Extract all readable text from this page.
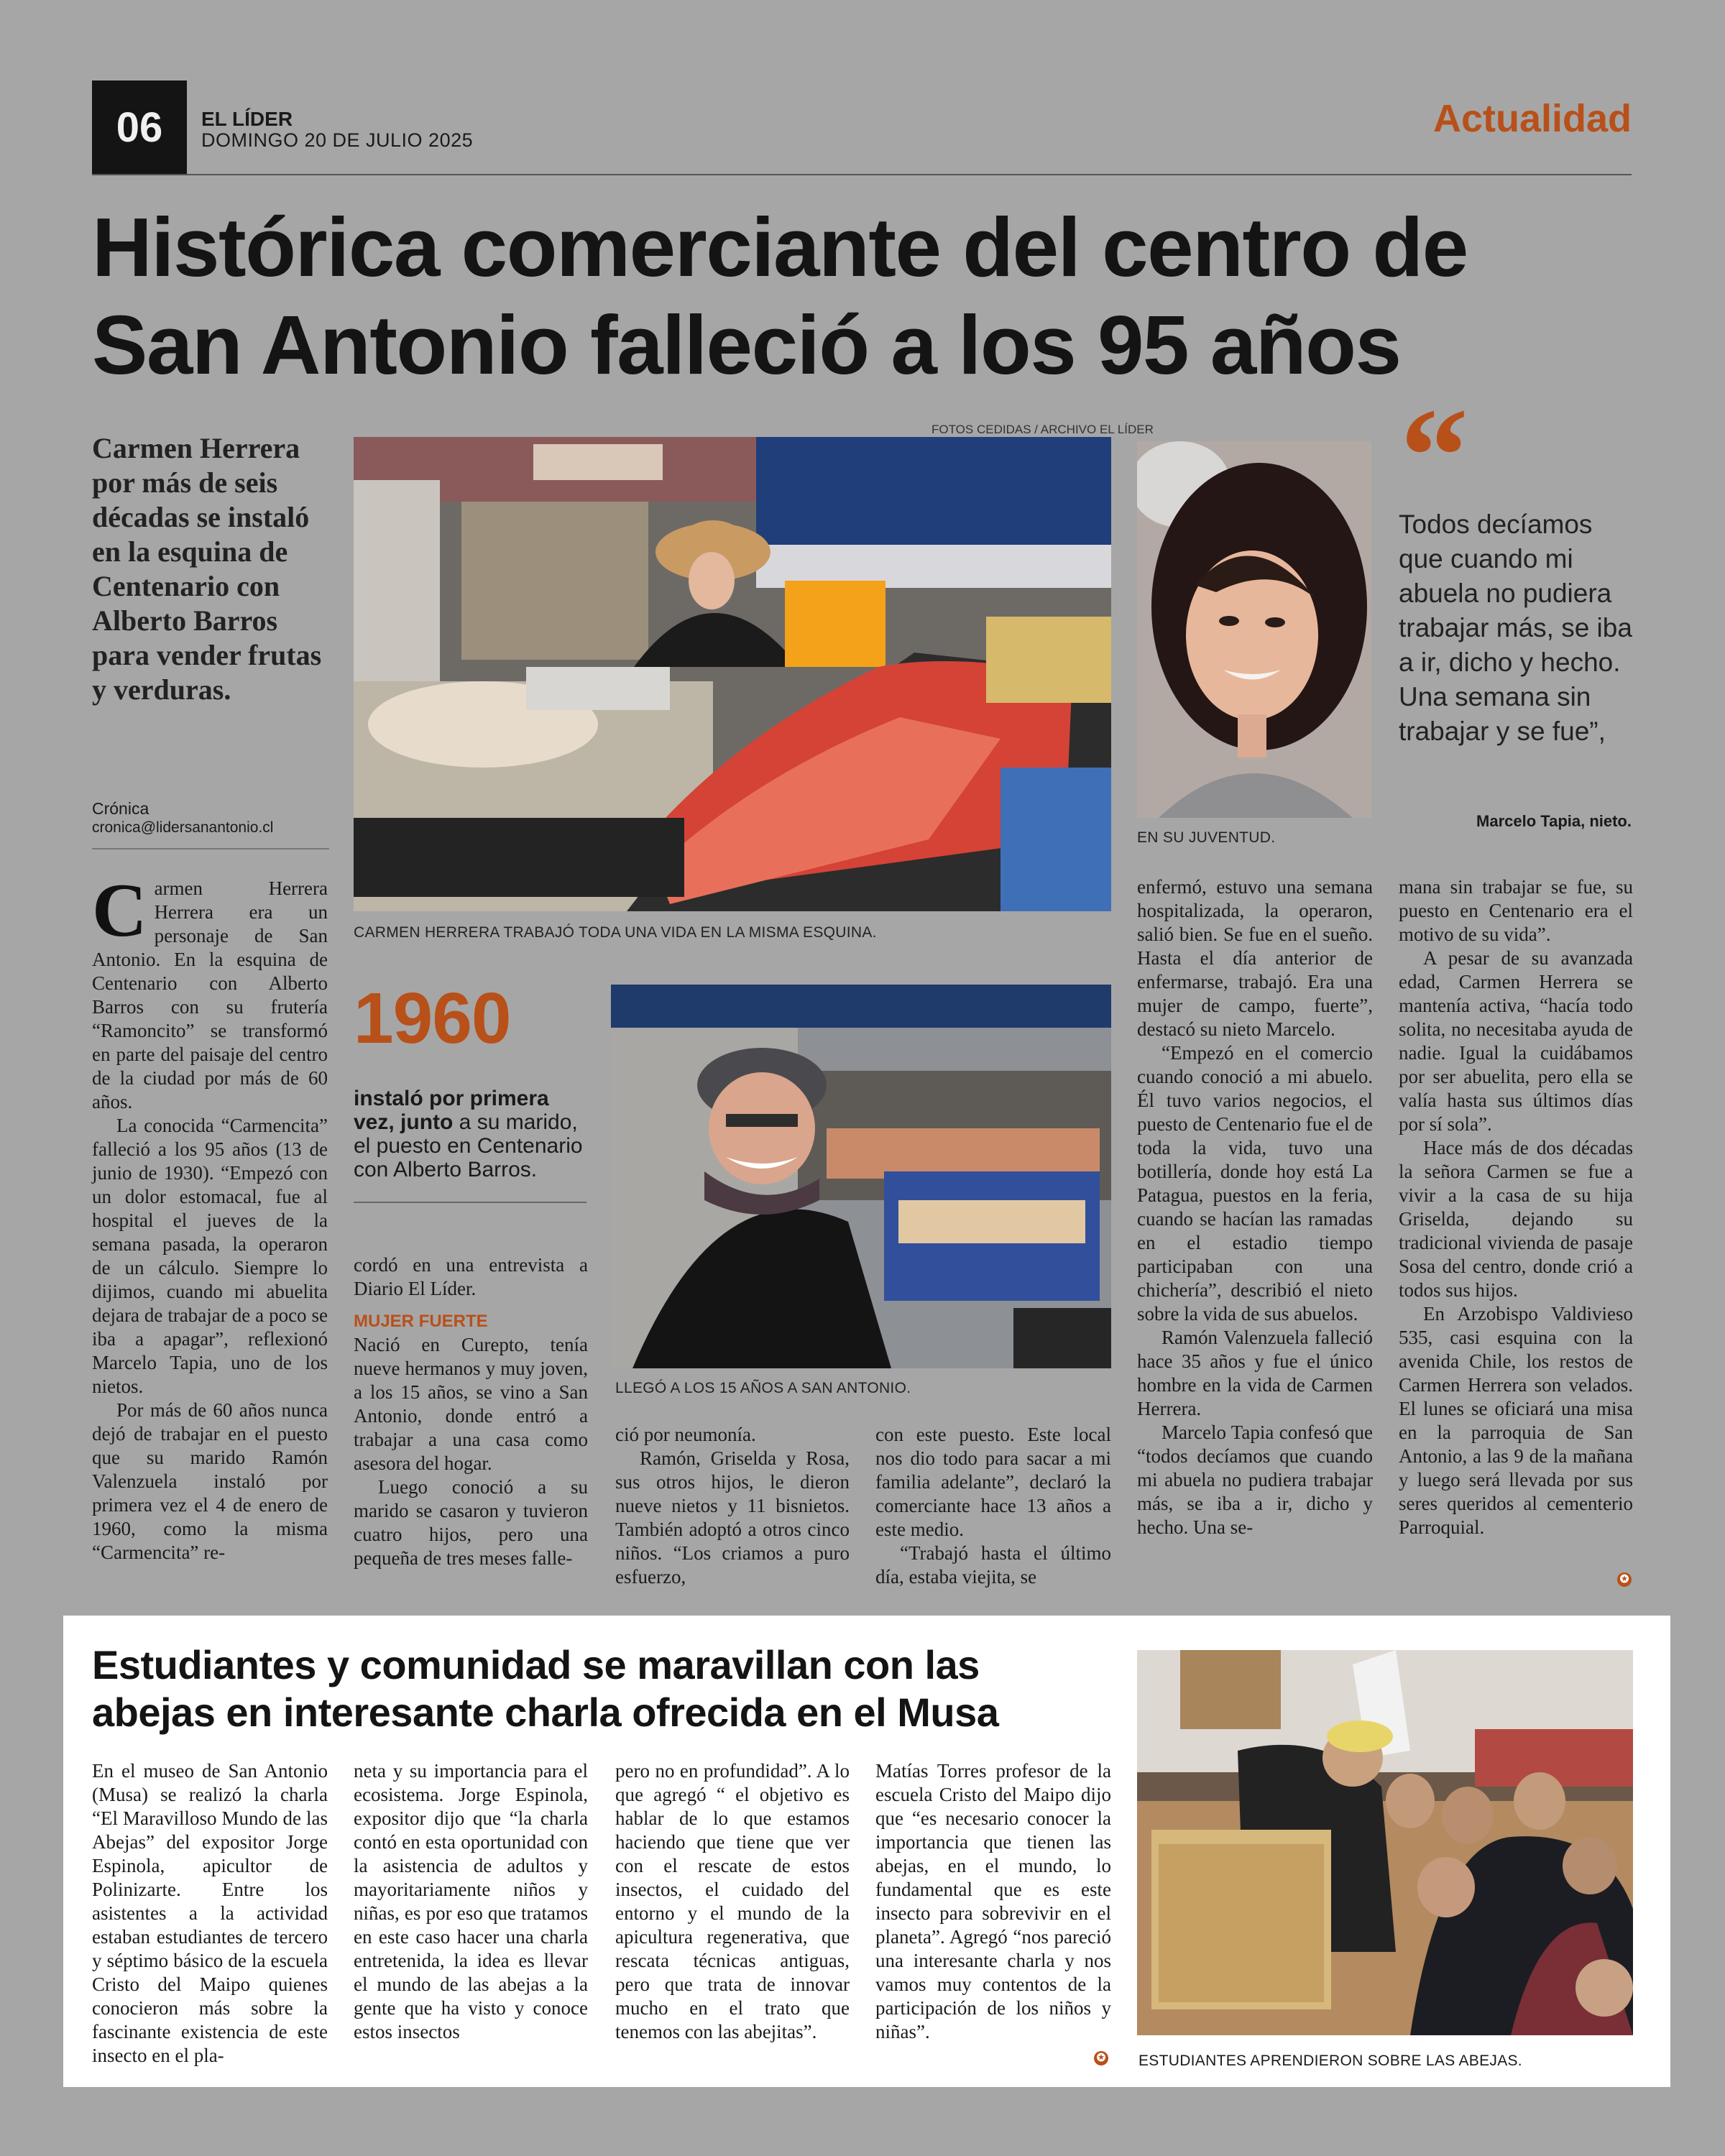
06	EL LÍDER
DOMINGO 20 DE JULIO 2025	Actualidad
Histórica comerciante del centro de
San Antonio falleció a los 95 años
Carmen Herrera por más de seis décadas se instaló en la esquina de Centenario con Alberto Barros para vender frutas y verduras.
Crónica
cronica@lidersanantonio.cl
FOTOS CEDIDAS / ARCHIVO EL LÍDER
CARMEN HERRERA TRABAJÓ TODA UNA VIDA EN LA MISMA ESQUINA.
EN SU JUVENTUD.
“
Todos decíamos que cuando mi abuela no pudiera trabajar más, se iba a ir, dicho y hecho. Una semana sin trabajar y se fue”,
Marcelo Tapia, nieto.
LLEGÓ A LOS 15 AÑOS A SAN ANTONIO.
1960
instaló por primera vez, junto a su marido, el puesto en Centenario con Alberto Barros.

Carmen Herrera Herrera era un personaje de San Antonio. En la esquina de Centenario con Alberto Barros con su frutería “Ramoncito” se transformó en parte del paisaje del centro de la ciudad por más de 60 años.

La conocida “Carmencita” falleció a los 95 años (13 de junio de 1930). “Empezó con un dolor estomacal, fue al hospital el jueves de la semana pasada, la operaron de un cálculo. Siempre lo dijimos, cuando mi abuelita dejara de trabajar de a poco se iba a apagar”, reflexionó Marcelo Tapia, uno de los nietos.

Por más de 60 años nunca dejó de trabajar en el puesto que su marido Ramón Valenzuela instaló por primera vez el 4 de enero de 1960, como la misma “Carmencita” re-

cordó en una entrevista a Diario El Líder.

MUJER FUERTE

Nació en Curepto, tenía nueve hermanos y muy joven, a los 15 años, se vino a San Antonio, donde entró a trabajar a una casa como asesora del hogar.

Luego conoció a su marido se casaron y tuvieron cuatro hijos, pero una pequeña de tres meses falle-

ció por neumonía.

Ramón, Griselda y Rosa, sus otros hijos, le dieron nueve nietos y 11 bisnietos. También adoptó a otros cinco niños. “Los criamos a puro esfuerzo,

con este puesto. Este local nos dio todo para sacar a mi familia adelante”, declaró la comerciante hace 13 años a este medio.

“Trabajó hasta el último día, estaba viejita, se

enfermó, estuvo una semana hospitalizada, la operaron, salió bien. Se fue en el sueño. Hasta el día anterior de enfermarse, trabajó. Era una mujer de campo, fuerte”, destacó su nieto Marcelo.

“Empezó en el comercio cuando conoció a mi abuelo. Él tuvo varios negocios, el puesto de Centenario fue el de toda la vida, tuvo una botillería, donde hoy está La Patagua, puestos en la feria, cuando se hacían las ramadas en el estadio tiempo participaban con una chichería”, describió el nieto sobre la vida de sus abuelos.

Ramón Valenzuela falleció hace 35 años y fue el único hombre en la vida de Carmen Herrera.

Marcelo Tapia confesó que “todos decíamos que cuando mi abuela no pudiera trabajar más, se iba a ir, dicho y hecho. Una se-

mana sin trabajar se fue, su puesto en Centenario era el motivo de su vida”.

A pesar de su avanzada edad, Carmen Herrera se mantenía activa, “hacía todo solita, no necesitaba ayuda de nadie. Igual la cuidábamos por ser abuelita, pero ella se valía hasta sus últimos días por sí sola”.

Hace más de dos décadas la señora Carmen se fue a vivir a la casa de su hija Griselda, dejando su tradicional vivienda de pasaje Sosa del centro, donde crió a todos sus hijos.

En Arzobispo Valdivieso 535, casi esquina con la avenida Chile, los restos de Carmen Herrera son velados. El lunes se oficiará una misa en la parroquia de San Antonio, a las 9 de la mañana y luego será llevada por sus seres queridos al cementerio Parroquial.

✪
Estudiantes y comunidad se maravillan con las
abejas en interesante charla ofrecida en el Musa

En el museo de San Antonio (Musa) se realizó la charla “El Maravilloso Mundo de las Abejas” del expositor Jorge Espinola, apicultor de Polinizarte. Entre los asistentes a la actividad estaban estudiantes de tercero y séptimo básico de la escuela Cristo del Maipo quienes conocieron más sobre la fascinante existencia de este insecto en el pla-

neta y su importancia para el ecosistema. Jorge Espinola, expositor dijo que “la charla contó en esta oportunidad con la asistencia de adultos y mayoritariamente niños y niñas, es por eso que tratamos en este caso hacer una charla entretenida, la idea es llevar el mundo de las abejas a la gente que ha visto y conoce estos insectos

pero no en profundidad”. A lo que agregó “ el objetivo es hablar de lo que estamos haciendo que tiene que ver con el rescate de estos insectos, el cuidado del entorno y el mundo de la apicultura regenerativa, que rescata técnicas antiguas, pero que trata de innovar mucho en el trato que tenemos con las abejitas”.

Matías Torres profesor de la escuela Cristo del Maipo dijo que “es necesario conocer la importancia que tienen las abejas, en el mundo, lo fundamental que es este insecto para sobrevivir en el planeta”. Agregó “nos pareció una interesante charla y nos vamos muy contentos de la participación de los niños y niñas”.

✪ ESTUDIANTES APRENDIERON SOBRE LAS ABEJAS.
